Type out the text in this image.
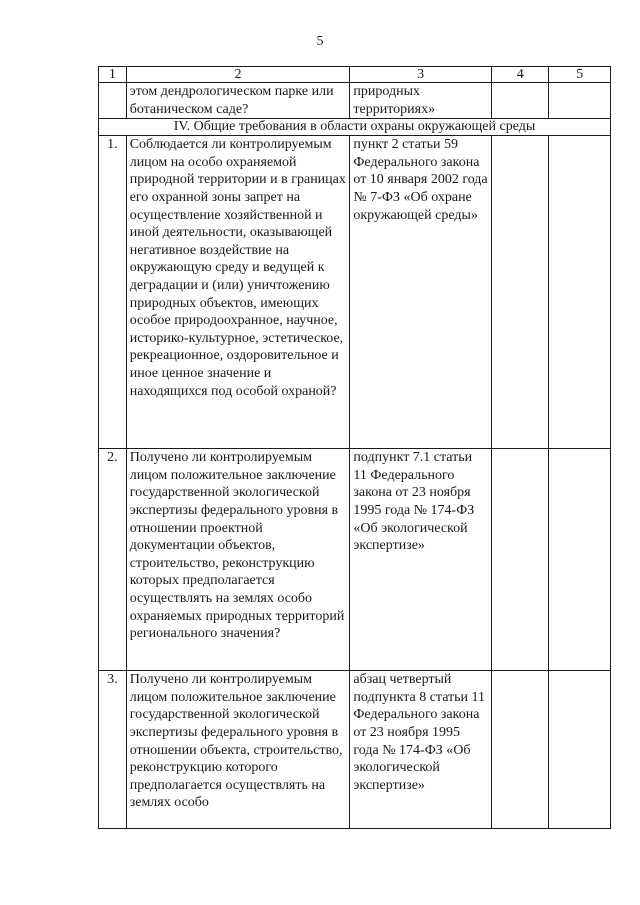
5
1	2	3	4	5
	этом дендрологическом парке или ботаническом саде?	природных территориях»		
IV. Общие требования в области охраны окружающей среды				
1.	Соблюдается ли контролируемым лицом на особо охраняемой природной территории и в границах его охранной зоны запрет на осуществление хозяйственной и иной деятельности, оказывающей негативное воздействие на окружающую среду и ведущей к деградации и (или) уничтожению природных объектов, имеющих особое природоохранное, научное, историко-культурное, эстетическое, рекреационное, оздоровительное и иное ценное значение и находящихся под особой охраной?	пункт 2 статьи 59 Федерального закона от 10 января 2002 года № 7-ФЗ «Об охране окружающей среды»		
2.	Получено ли контролируемым лицом положительное заключение государственной экологической экспертизы федерального уровня в отношении проектной документации объектов, строительство, реконструкцию которых предполагается осуществлять на землях особо охраняемых природных территорий регионального значения?	подпункт 7.1 статьи 11 Федерального закона от 23 ноября 1995 года № 174-ФЗ «Об экологической экспертизе»		
3.	Получено ли контролируемым лицом положительное заключение государственной экологической экспертизы федерального уровня в отношении объекта, строительство, реконструкцию которого предполагается осуществлять на землях особо	абзац четвертый подпункта 8 статьи 11 Федерального закона от 23 ноября 1995 года № 174-ФЗ «Об экологической экспертизе»		
